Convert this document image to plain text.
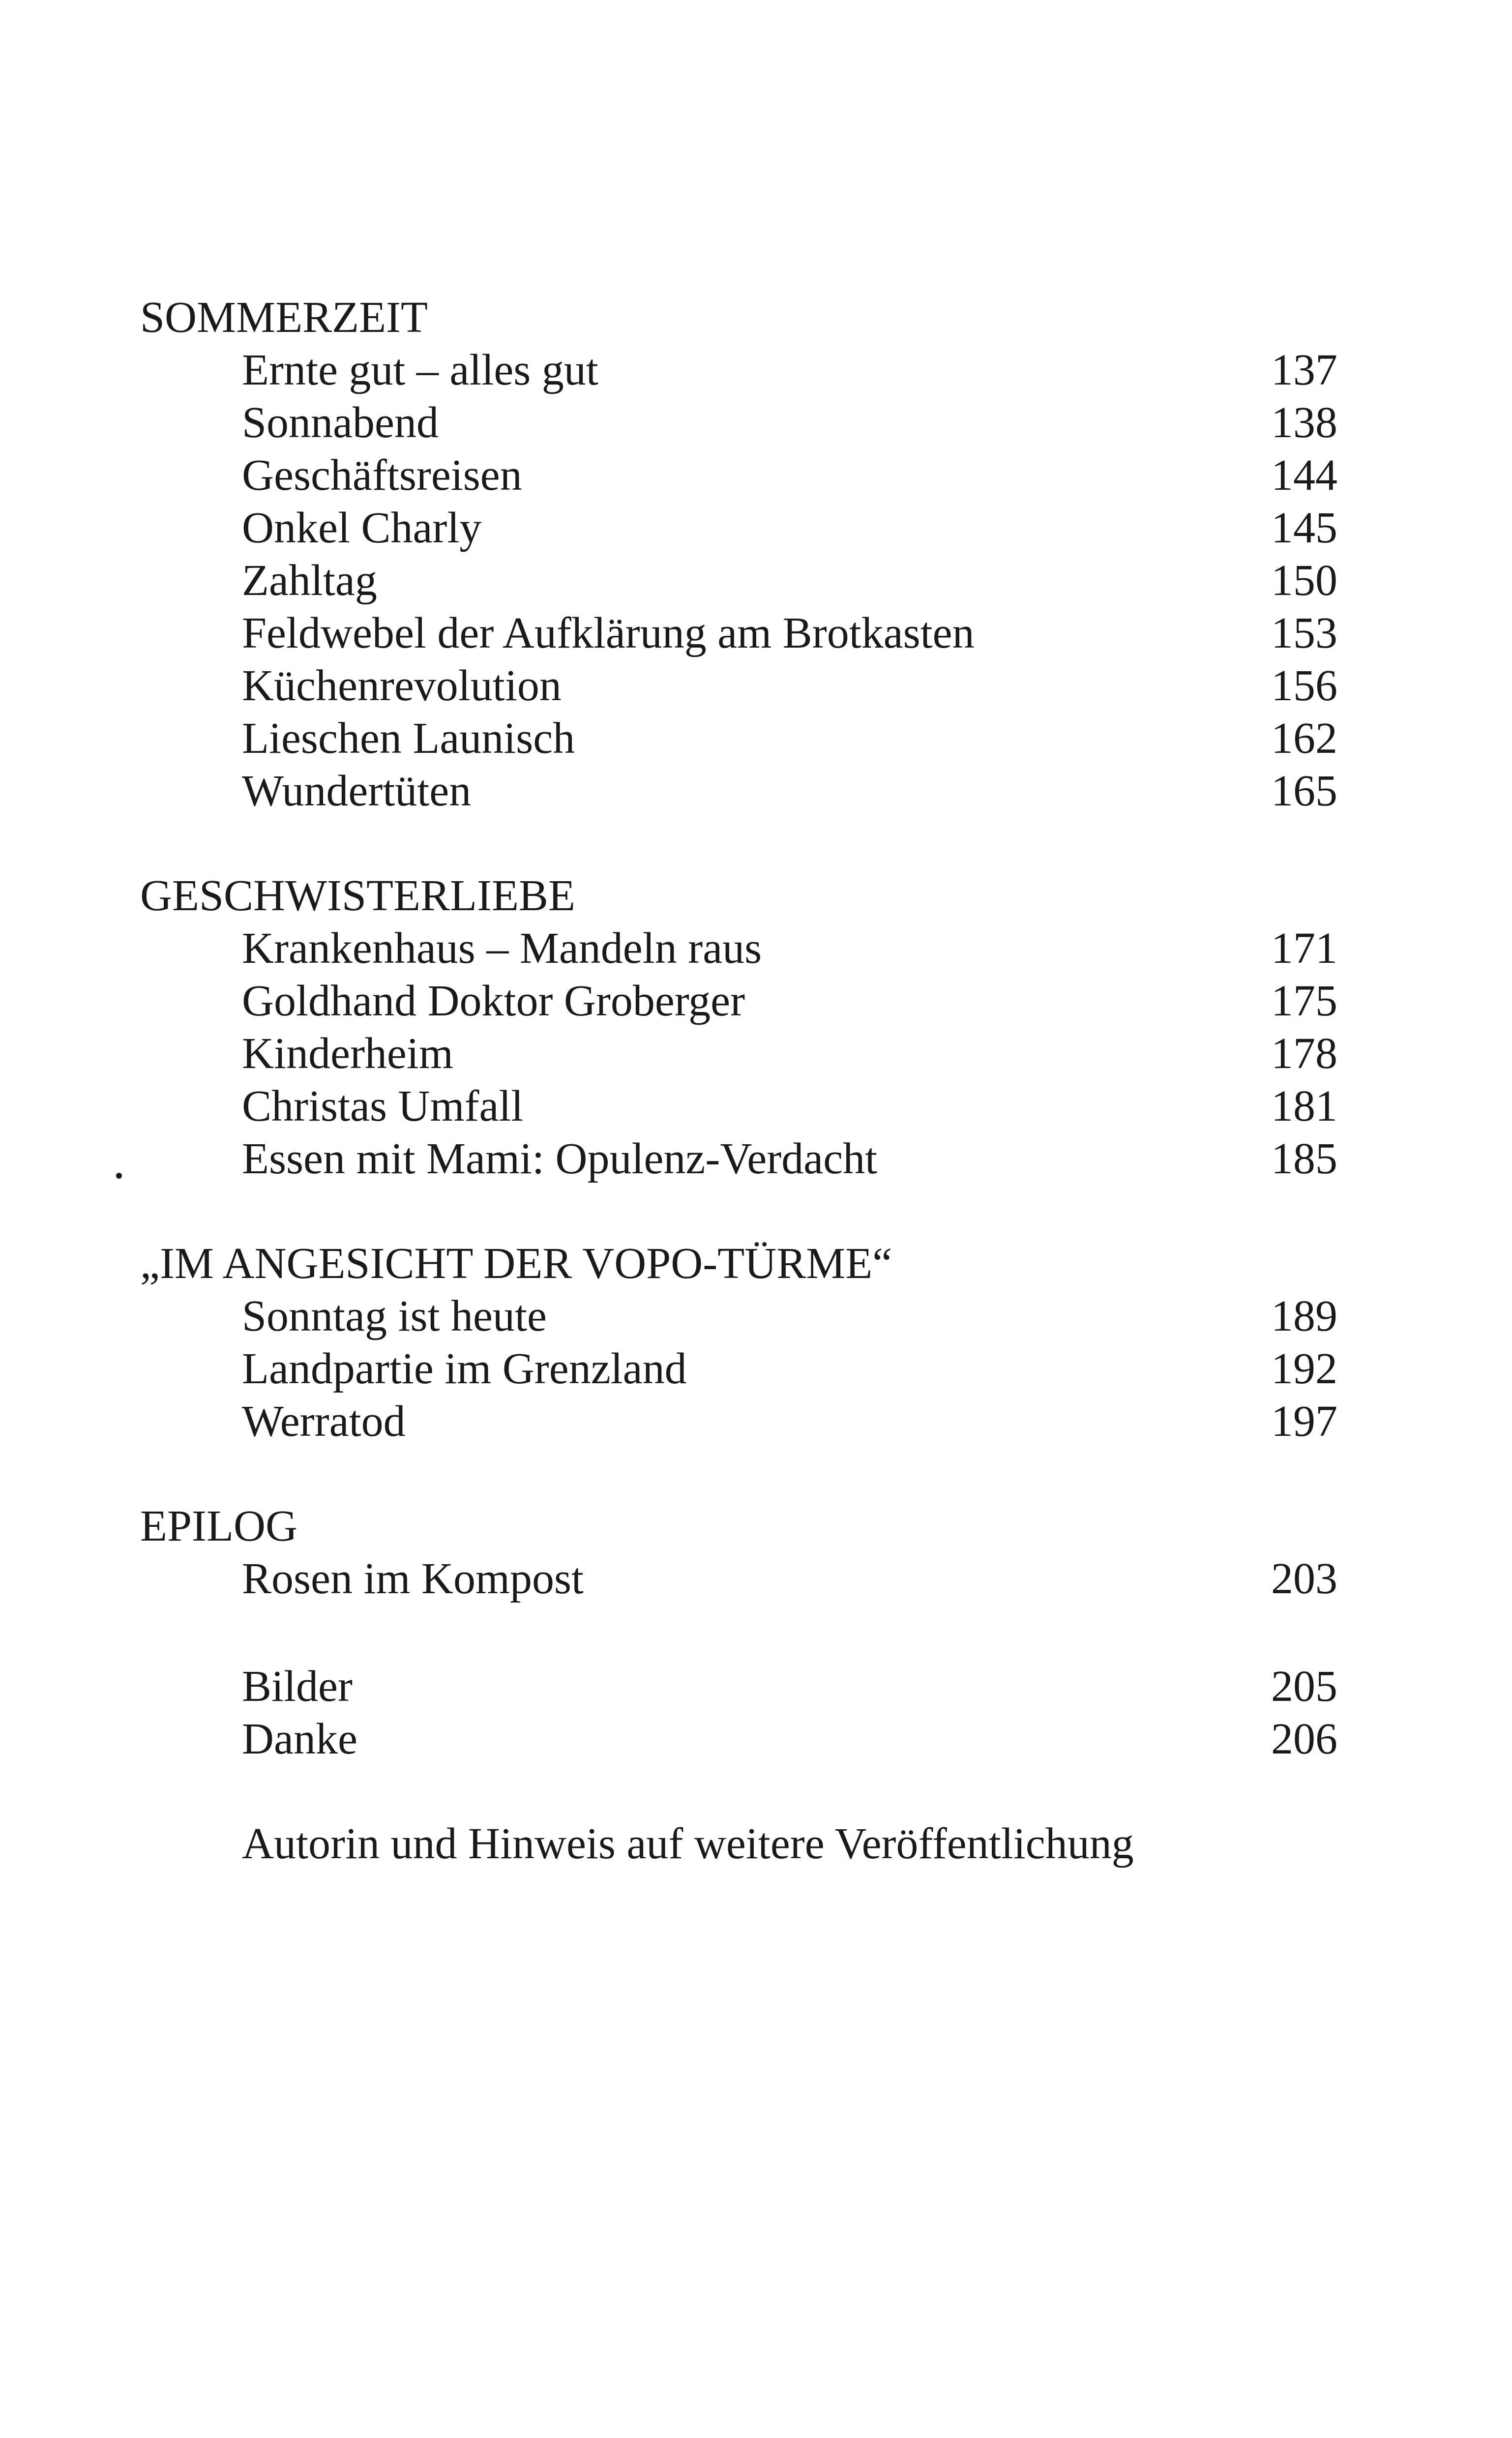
SOMMERZEIT
Ernte gut – alles gut	137
Sonnabend	138
Geschäftsreisen	144
Onkel Charly	145
Zahltag	150
Feldwebel der Aufklärung am Brotkasten	153
Küchenrevolution	156
Lieschen Launisch	162
Wundertüten	165
GESCHWISTERLIEBE
Krankenhaus – Mandeln raus	171
Goldhand Doktor Groberger	175
Kinderheim	178
Christas Umfall	181
Essen mit Mami: Opulenz-Verdacht	185
„IM ANGESICHT DER VOPO-TÜRME“
Sonntag ist heute	189
Landpartie im Grenzland	192
Werratod	197
EPILOG
Rosen im Kompost	203
Bilder	205
Danke	206
Autorin und Hinweis auf weitere Veröffentlichung
